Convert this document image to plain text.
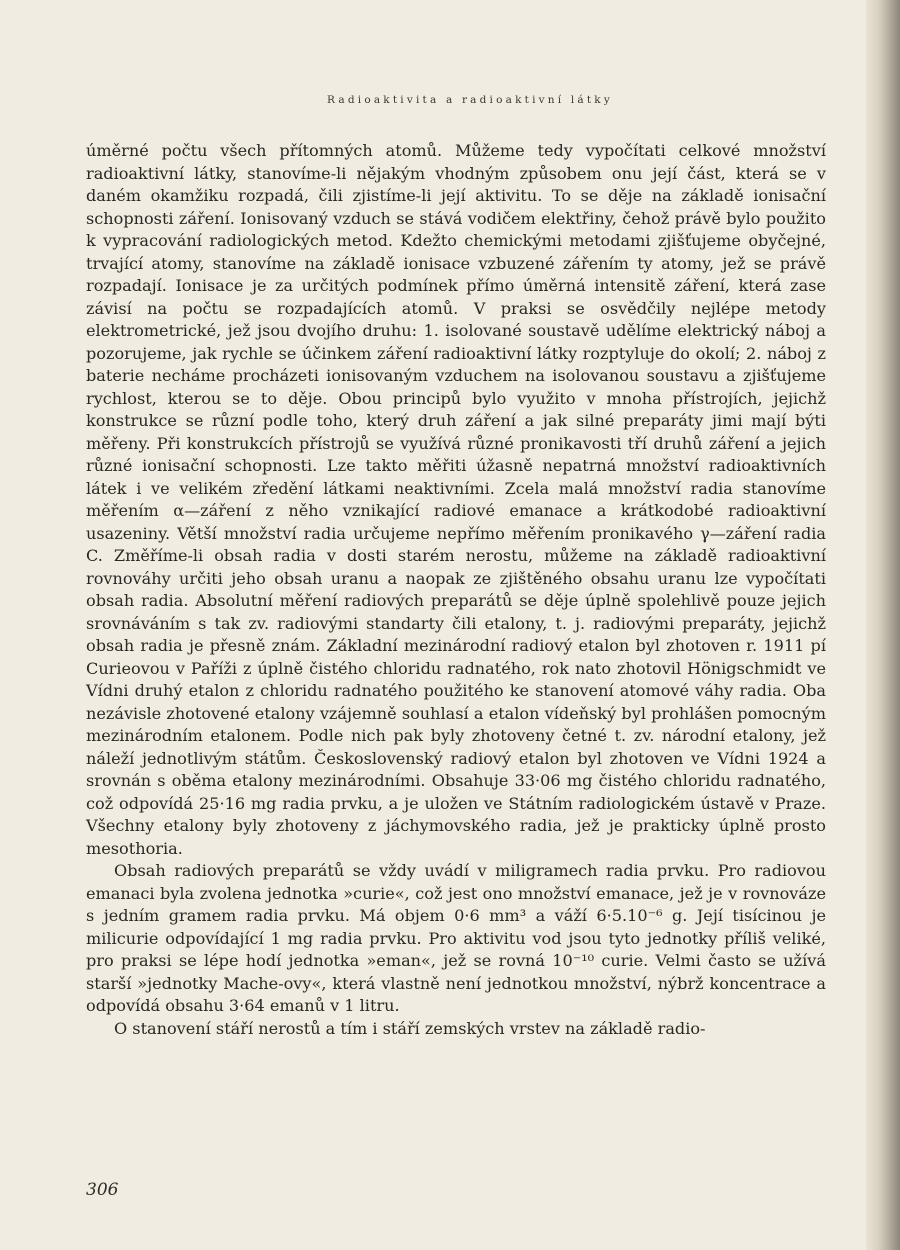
Radioaktivita a radioaktivní látky

úměrné počtu všech přítomných atomů. Můžeme tedy vypočítati celkové množství radioaktivní látky, stanovíme-li nějakým vhodným způsobem onu její část, která se v daném okamžiku rozpadá, čili zjistíme-li její aktivitu. To se děje na základě ionisační schopnosti záření. Ionisovaný vzduch se stává vodičem elektřiny, čehož právě bylo použito k vypracování radiologických metod. Kdežto chemickými metodami zjišťujeme obyčejné, trvající atomy, stanovíme na základě ionisace vzbuzené zářením ty atomy, jež se právě rozpadají. Ionisace je za určitých podmínek přímo úměrná intensitě záření, která zase závisí na počtu se rozpadajících atomů. V praksi se osvědčily nejlépe metody elektrometrické, jež jsou dvojího druhu: 1. isolované soustavě udělíme elektrický náboj a pozorujeme, jak rychle se účinkem záření radioaktivní látky rozptyluje do okolí; 2. náboj z baterie necháme procházeti ionisovaným vzduchem na isolovanou soustavu a zjišťujeme rychlost, kterou se to děje. Obou principů bylo využito v mnoha přístrojích, jejichž konstrukce se různí podle toho, který druh záření a jak silné preparáty jimi mají býti měřeny. Při konstrukcích přístrojů se využívá různé pronikavosti tří druhů záření a jejich různé ionisační schopnosti. Lze takto měřiti úžasně nepatrná množství radioaktivních látek i ve velikém zředění látkami neaktivními. Zcela malá množství radia stanovíme měřením α—záření z něho vznikající radiové emanace a krátkodobé radioaktivní usazeniny. Větší množství radia určujeme nepřímo měřením pronikavého γ—záření radia C. Změříme-li obsah radia v dosti starém nerostu, můžeme na základě radioaktivní rovnováhy určiti jeho obsah uranu a naopak ze zjištěného obsahu uranu lze vypočítati obsah radia. Absolutní měření radiových preparátů se děje úplně spolehlivě pouze jejich srovnáváním s tak zv. radiovými standarty čili etalony, t. j. radiovými preparáty, jejichž obsah radia je přesně znám. Základní mezinárodní radiový etalon byl zhotoven r. 1911 pí Curieovou v Paříži z úplně čistého chloridu radnatého, rok nato zhotovil Hönigschmidt ve Vídni druhý etalon z chloridu radnatého použitého ke stanovení atomové váhy radia. Oba nezávisle zhotovené etalony vzájemně souhlasí a etalon vídeňský byl prohlášen pomocným mezinárodním etalonem. Podle nich pak byly zhotoveny četné t. zv. národní etalony, jež náleží jednotlivým státům. Československý radiový etalon byl zhotoven ve Vídni 1924 a srovnán s oběma etalony mezinárodními. Obsahuje 33·06 mg čistého chloridu radnatého, což odpovídá 25·16 mg radia prvku, a je uložen ve Státním radiologickém ústavě v Praze. Všechny etalony byly zhotoveny z jáchymovského radia, jež je prakticky úplně prosto mesothoria.

Obsah radiových preparátů se vždy uvádí v miligramech radia prvku. Pro radiovou emanaci byla zvolena jednotka »curie«, což jest ono množství emanace, jež je v rovnováze s jedním gramem radia prvku. Má objem 0·6 mm³ a váží 6·5.10⁻⁶ g. Její tisícinou je milicurie odpovídající 1 mg radia prvku. Pro aktivitu vod jsou tyto jednotky příliš veliké, pro praksi se lépe hodí jednotka »eman«, jež se rovná 10⁻¹⁰ curie. Velmi často se užívá starší »jednotky Mache-ovy«, která vlastně není jednotkou množství, nýbrž koncentrace a odpovídá obsahu 3·64 emanů v 1 litru.

O stanovení stáří nerostů a tím i stáří zemských vrstev na základě radio-

306
